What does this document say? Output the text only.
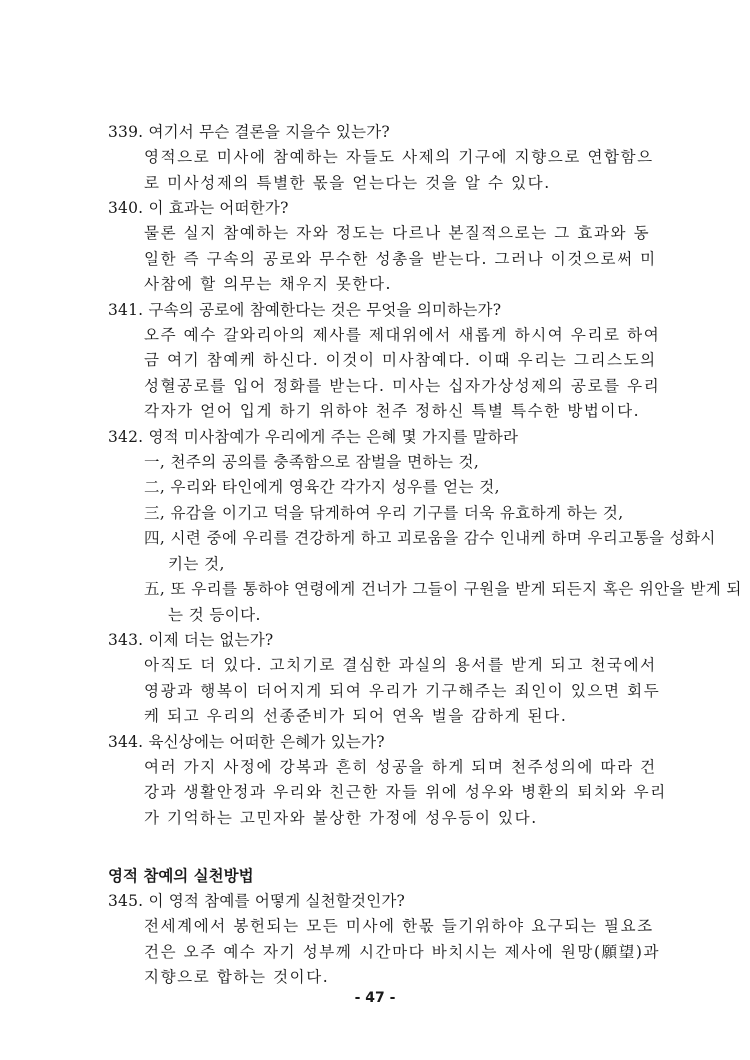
339. 여기서 무슨 결론을 지을수 있는가?
영적으로 미사에 참예하는 자들도 사제의 기구에 지향으로 연합함으
로 미사성제의 특별한 몫을 얻는다는 것을 알 수 있다.
340. 이 효과는 어떠한가?
물론 실지 참예하는 자와 정도는 다르나 본질적으로는 그 효과와 동
일한 즉 구속의 공로와 무수한 성총을 받는다. 그러나 이것으로써 미
사참에 할 의무는 채우지 못한다.
341. 구속의 공로에 참예한다는 것은 무엇을 의미하는가?
오주 예수 갈와리아의 제사를 제대위에서 새롭게 하시여 우리로 하여
금 여기 참예케 하신다. 이것이 미사참예다. 이때 우리는 그리스도의
성혈공로를 입어 정화를 받는다. 미사는 십자가상성제의 공로를 우리
각자가 얻어 입게 하기 위하야 천주 정하신 특별 특수한 방법이다.
342. 영적 미사참예가 우리에게 주는 은혜 몇 가지를 말하라
一, 천주의 공의를 충족함으로 잠벌을 면하는 것,
二, 우리와 타인에게 영육간 각가지 성우를 얻는 것,
三, 유감을 이기고 덕을 닦게하여 우리 기구를 더욱 유효하게 하는 것,
四, 시련 중에 우리를 견강하게 하고 괴로움을 감수 인내케 하며 우리고통을 성화시
키는 것,
五, 또 우리를 통하야 연령에게 건너가 그들이 구원을 받게 되든지 혹은 위안을 받게 되
는 것 등이다.
343. 이제 더는 없는가?
아직도 더 있다. 고치기로 결심한 과실의 용서를 받게 되고 천국에서
영광과 행복이 더어지게 되여 우리가 기구해주는 죄인이 있으면 회두
케 되고 우리의 선종준비가 되어 연옥 벌을 감하게 된다.
344. 육신상에는 어떠한 은혜가 있는가?
여러 가지 사정에 강복과 흔히 성공을 하게 되며 천주성의에 따라 건
강과 생활안정과 우리와 친근한 자들 위에 성우와 병환의 퇴치와 우리
가 기억하는 고민자와 불상한 가정에 성우등이 있다.
영적 참예의 실천방법
345. 이 영적 참예를 어떻게 실천할것인가?
전세계에서 봉헌되는 모든 미사에 한몫 들기위하야 요구되는 필요조
건은 오주 예수 자기 성부께 시간마다 바치시는 제사에 원망(願望)과
지향으로 합하는 것이다.
- 47 -
